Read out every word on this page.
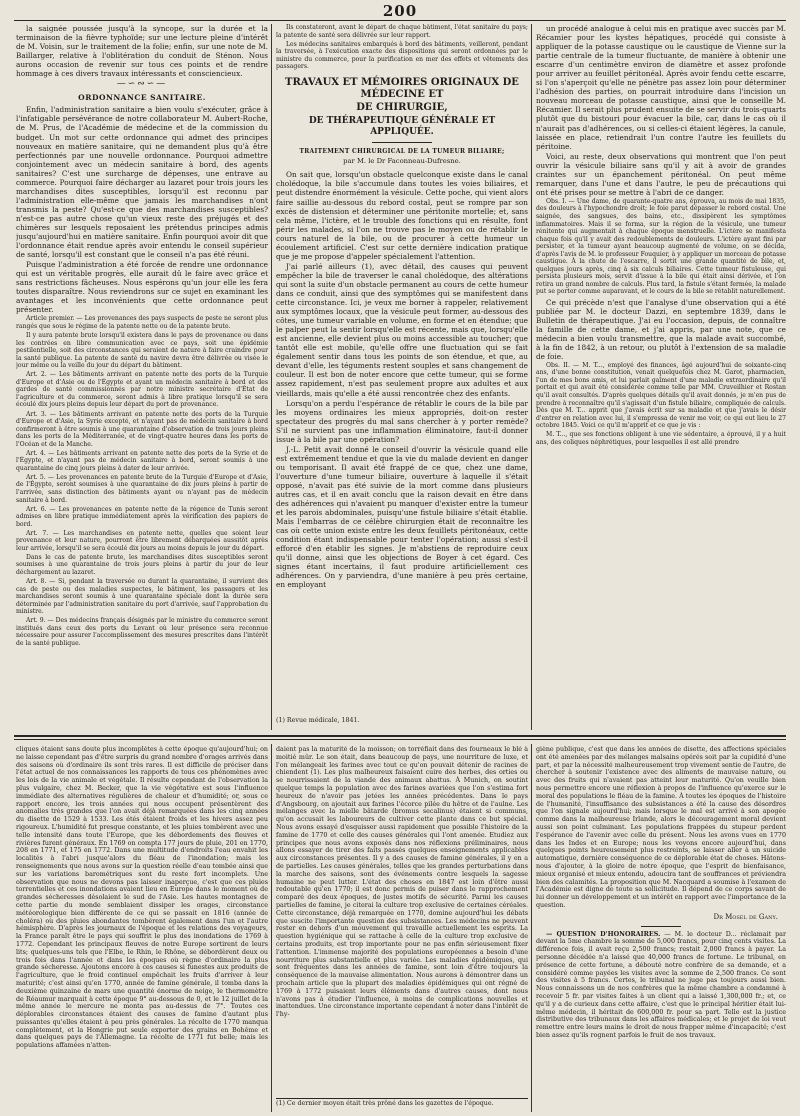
200

la saignée poussée jusqu'à la syncope, sur la durée et la terminaison de la fièvre typhoïde; sur une lecture pleine d'intérêt de M. Voisin, sur le traitement de la folie; enfin, sur une note de M. Baillarger, relative à l'oblitération du conduit de Sténon. Nous aurons occasion de revenir sur tous ces points et de rendre hommage à ces divers travaux intéressants et consciencieux.

—∽∾∽—
ORDONNANCE SANITAIRE.

Enfin, l'administration sanitaire a bien voulu s'exécuter, grâce à l'infatigable persévérance de notre collaborateur M. Aubert-Roche, de M. Prus, de l'Académie de médecine et de la commission du budget. Un mot sur cette ordonnance qui admet des principes nouveaux en matière sanitaire, qui ne demandent plus qu'à être perfectionnés par une nouvelle ordonnance. Pourquoi admettre conjointement avec un médecin sanitaire à bord, des agents sanitaires? C'est une surcharge de dépenses, une entrave au commerce. Pourquoi faire décharger au lazaret pour trois jours les marchandises dites susceptibles, lorsqu'il est reconnu par l'administration elle-même que jamais les marchandises n'ont transmis la peste? Qu'est-ce que des marchandises susceptibles? n'est-ce pas autre chose qu'un vieux reste des préjugés et des chimères sur lesquels reposaient les prétendus principes admis jusqu'aujourd'hui en matière sanitaire. Enfin pourquoi avoir dit que l'ordonnance était rendue après avoir entendu le conseil supérieur de santé, lorsqu'il est constant que le conseil n'a pas été réuni.

Puisque l'administration a été forcée de rendre une ordonnance qui est un véritable progrès, elle aurait dû le faire avec grâce et sans restrictions fâcheuses. Nous espérons qu'un jour elle les fera toutes disparaître. Nous reviendrons sur ce sujet en examinant les avantages et les inconvénients que cette ordonnance peut présenter.

Article premier. — Les provenances des pays suspects de peste ne seront plus rangés que sous le régime de la patente nette ou de la patente brute.

Il y aura patente brute lorsqu'il existera dans le pays de provenance ou dans les contrées en libre communication avec ce pays, soit une épidémie pestilentielle, soit des circonstances qui seraient de nature à faire craindre pour la santé publique. La patente de santé du navire devra être délivrée ou visée le jour même ou la veille du jour du départ du bâtiment.

Art. 2. — Les bâtiments arrivant en patente nette des ports de la Turquie d'Europe et d'Asie ou de l'Égypte et ayant un médecin sanitaire à bord et des gardes de santé commissionnés par notre ministre secrétaire d'État de l'agriculture et du commerce, seront admis à libre pratique lorsqu'il se sera écoulé dix jours pleins depuis leur départ du port de provenance.

Art. 3. — Les bâtiments arrivant en patente nette des ports de la Turquie d'Europe et d'Asie, la Syrie excepté, et n'ayant pas de médecin sanitaire à bord confirmeront à être soumis à une quarantaine d'observation de trois jours pleins dans les ports de la Méditerranée, et de vingt-quatre heures dans les ports de l'Océan et de la Manche.

Art. 4. — Les bâtiments arrivant en patente nette des ports de la Syrie et de l'Égypte, et n'ayant pas de médecin sanitaire à bord, seront soumis à une quarantaine de cinq jours pleins à dater de leur arrivée.

Art. 5. — Les provenances en patente brute de la Turquie d'Europe et d'Asie, de l'Égypte, seront soumises à une quarantaine de dix jours pleins à partir de l'arrivée, sans distinction des bâtiments ayant ou n'ayant pas de médecin sanitaire à bord.

Art. 6. — Les provenances en patente nette de la régence de Tunis seront admises en libre pratique immédiatement après la vérification des papiers de bord.

Art. 7. — Les marchandises en patente nette, quelles que soient leur provenance et leur nature, pourront être librement débarquées aussitôt après leur arrivée, lorsqu'il se sera écoulé dix jours au moins depuis le jour du départ.

Dans le cas de patente brute, les marchandises dites susceptibles seront soumises à une quarantaine de trois jours pleins à partir du jour de leur déchargement au lazaret.

Art. 8. — Si, pendant la traversée ou durant la quarantaine, il survient des cas de peste ou des maladies suspectes, le bâtiment, les passagers et les marchandises seront soumis à une quarantaine spéciale dont la durée sera déterminée par l'administration sanitaire du port d'arrivée, sauf l'approbation du ministre.

Art. 9. — Des médecins français désignés par le ministre du commerce seront institués dans ceux des ports du Levant où leur présence sera reconnue nécessaire pour assurer l'accomplissement des mesures prescrites dans l'intérêt de la santé publique.

Ils constateront, avant le départ de chaque bâtiment, l'état sanitaire du pays; la patente de santé sera délivrée sur leur rapport.

Les médecins sanitaires embarqués à bord des bâtiments, veilleront, pendant la traversée, à l'exécution exacte des dispositions qui seront ordonnées par le ministre du commerce, pour la purification en mer des effets et vêtements des passagers.

TRAVAUX ET MÉMOIRES ORIGINAUX DE MÉDECINE ET
DE CHIRURGIE,
DE THÉRAPEUTIQUE GÉNÉRALE ET APPLIQUÉE.
TRAITEMENT CHIRURGICAL DE LA TUMEUR BILIAIRE;
par M. le Dr Faconneau-Dufresne.

On sait que, lorsqu'un obstacle quelconque existe dans le canal cholédoque, la bile s'accumule dans toutes les voies biliaires, et peut distendre énormément la vésicule. Cette poche, qui vient alors faire saillie au-dessous du rebord costal, peut se rompre par son excès de distension et déterminer une péritonite mortelle; et, sans cela même, l'ictère, et le trouble des fonctions qui en résulte, font périr les malades, si l'on ne trouve pas le moyen ou de rétablir le cours naturel de la bile, ou de procurer à cette humeur un écoulement artificiel. C'est sur cette dernière indication pratique que je me propose d'appeler spécialement l'attention.

J'ai parlé ailleurs (1), avec détail, des causes qui peuvent empêcher la bile de traverser le canal cholédoque, des altérations qui sont la suite d'un obstacle permanent au cours de cette humeur dans ce conduit, ainsi que des symptômes qui se manifestent dans cette circonstance. Ici, je veux me borner à rappeler, relativement aux symptômes locaux, que la vésicule peut former, au-dessous des côtes, une tumeur variable en volume, en forme et en étendue; que le palper peut la sentir lorsqu'elle est récente, mais que, lorsqu'elle est ancienne, elle devient plus ou moins accessible au toucher; que tantôt elle est mobile, qu'elle offre une fluctuation qui se fait également sentir dans tous les points de son étendue, et que, au devant d'elle, les téguments restent souples et sans changement de couleur. Il est bon de noter encore que cette tumeur, qui se forme assez rapidement, n'est pas seulement propre aux adultes et aux vieillards, mais qu'elle a été aussi rencontrée chez des enfants.

Lorsqu'on a perdu l'espérance de rétablir le cours de la bile par les moyens ordinaires les mieux appropriés, doit-on rester spectateur des progrès du mal sans chercher à y porter remède? S'il ne survient pas une inflammation éliminatoire, faut-il donner issue à la bile par une opération?

J.-L. Petit avait donné le conseil d'ouvrir la vésicule quand elle est extrêmement tendue et que la vie du malade devient en danger ou temporisant. Il avait été frappé de ce que, chez une dame, l'ouverture d'une tumeur biliaire, ouverture à laquelle il s'était opposé, n'avait pas été suivie de la mort comme dans plusieurs autres cas, et il en avait conclu que la raison devait en être dans des adhérences qui n'avaient pu manquer d'exister entre la tumeur et les parois abdominales, puisqu'une fistule biliaire s'était établie. Mais l'embarras de ce célèbre chirurgien était de reconnaître les cas où cette union existe entre les deux feuillets péritonéaux, cette condition étant indispensable pour tenter l'opération; aussi s'est-il efforcé d'en établir les signes. Je m'abstiens de reproduire ceux qu'il donne, ainsi que les objections de Boyer à cet égard. Ces signes étant incertains, il faut produire artificiellement ces adhérences. On y parviendra, d'une manière à peu près certaine, en employant

(1) Revue médicale, 1841.

un procédé analogue à celui mis en pratique avec succès par M. Récamier pour les kystes hépatiques, procédé qui consiste à appliquer de la potasse caustique ou le caustique de Vienne sur la partie centrale de la tumeur fluctuante, de manière à obtenir une escarre d'un centimètre environ de diamètre et assez profonde pour arriver au feuillet péritonéal. Après avoir fendu cette escarre, si l'on s'aperçoit qu'elle ne pénètre pas assez loin pour déterminer l'adhésion des parties, on pourrait introduire dans l'incision un nouveau morceau de potasse caustique, ainsi que le conseille M. Récamier. Il serait plus prudent ensuite de se servir du trois-quarts plutôt que du bistouri pour évacuer la bile, car, dans le cas où il n'aurait pas d'adhérences, ou si celles-ci étaient légères, la canule, laissée en place, retiendrait l'un contre l'autre les feuillets du péritoine.

Voici, au reste, deux observations qui montrent que l'on peut ouvrir la vésicule biliaire sans qu'il y ait à avoir de grandes craintes sur un épanchement péritonéal. On peut même remarquer, dans l'une et dans l'autre, le peu de précautions qui ont été prises pour se mettre à l'abri de ce danger.

Obs. I. — Une dame, de quarante-quatre ans, éprouva, au mois de mai 1835, des douleurs à l'hypochondre droit; le foie parut dépasser le rebord costal. Une saignée, des sangsues, des bains, etc., dissipèrent les symptômes inflammatoires. Mais il se forma, sur la région de la vésicule, une tumeur rénitente qui augmentait à chaque époque menstruelle. L'ictère se manifesta chaque fois qu'il y avait des redoublements de douleurs. L'ictère ayant fini par persister, et la tumeur ayant beaucoup augmenté de volume, on se décida, d'après l'avis de M. le professeur Fouquier, à y appliquer un morceau de potasse caustique. À la chute de l'escarre, il sortit une grande quantité de bile, et, quelques jours après, cinq à six calculs biliaires. Cette tumeur fistuleuse, qui persista plusieurs mois, servit d'issue à la bile qui était ainsi dérivée, et l'on retira un grand nombre de calculs. Plus tard, la fistule s'étant fermée, la malade put se porter comme auparavant, et le cours de la bile se rétablit naturellement.

Ce qui précède n'est que l'analyse d'une observation qui a été publiée par M. le docteur Dazzi, en septembre 1839, dans le Bulletin de thérapeutique. J'ai eu l'occasion, depuis, de connaître la famille de cette dame, et j'ai appris, par une note, que ce médecin a bien voulu transmettre, que la malade avait succombé, à la fin de 1842, à un retour, ou plutôt à l'extension de sa maladie de foie.

Obs. II. — M. T..., employé des finances, âgé aujourd'hui de soixante-cinq ans, d'une bonne constitution, venait quelquefois chez M. Garot, pharmacien, l'un de mes bons amis, et lui parlait gaîment d'une maladie extraordinaire qu'il portait et qui avait été considérée comme telle par MM. Cruveilhier et Rostan qu'il avait consultés. D'après quelques détails qu'il avait donnés, je m'en pus de prendre à reconnaître qu'il s'agissait d'un fistule biliaire, compliquée de calculs. Dès que M. T... apprit que j'avais écrit sur sa maladie et que j'avais le désir d'entrer en relation avec lui, il s'empressa de venir me voir, ce qui eut lieu le 27 octobre 1845. Voici ce qu'il m'apprit et ce que je vis :

M. T..., que ses fonctions obligent à une vie sédentaire, a éprouvé, il y a huit ans, des coliques néphrétiques, pour lesquelles il est allé prendre

cliques étaient sans doute plus incomplètes à cette époque qu'aujourd'hui; on ne laisse cependant pas d'être surpris du grand nombre d'orages arrivés dans des saisons où d'ordinaire ils sont très rares. Il est difficile de préciser dans l'état actuel de nos connaissances les rapports de tous ces phénomènes avec les lois de la vie animale et végétale. Il résulte cependant de l'observation la plus vulgaire, chez M. Becker, que la vie végétative est sous l'influence immédiate des alternatives régulières de chaleur et d'humidité; or, sous ce rapport encore, les trois années qui nous occupent présentèrent des anomalies très grandes que l'on avait déjà remarquées dans les cinq années du disette de 1529 à 1533. Les étés étaient froids et les hivers assez peu rigoureux. L'humidité fut presque constante, et les pluies tombèrent avec une telle intensité dans toute l'Europe, que les débordements des fleuves et rivières furent généraux. En 1769 on compta 177 jours de pluie, 201 en 1770, 208 en 1771, et 175 en 1772. Dans une multitude d'endroits l'eau envahit les localités à l'abri jusque'alors du fléau de l'inondation; mais les renseignements que nous avons sur la question réelle d'eau tombée ainsi que sur les variations barométriques sont du reste fort incomplets. Une observation que nous ne devons pas laisser inaperçue, c'est que ces pluies torrentielles et ces inondations avaient lieu en Europe dans le moment où de grandes sécheresses désolaient le sud de l'Asie. Les hautes montagnes de cette partie du monde semblaient dissiper les orages, circonstance météorologique bien différente de ce qui se passait en 1816 (année de choléra) où des pluies abondantes tombèrent également dans l'un et l'autre hémisphère. D'après les journaux de l'époque et les relations des voyageurs, la France paraît être le pays qui souffrit le plus des inondations de 1769 à 1772. Cependant les principaux fleuves de notre Europe sortirent de leurs lits; quelques-uns tels que l'Elbe, le Rhin, le Rhône, se débordèrent deux ou trois fois dans l'année et dans les époques où règne d'ordinaire la plus grande sécheresse. Ajoutons encore à ces causes si funestes aux produits de l'agriculture, que le froid continuel empêchait les fruits d'arriver à leur maturité; c'est ainsi qu'en 1770, année de famine générale, il tomba dans la deuxième quinzaine de mars une quantité énorme de neige, le thermomètre de Réaumur marquait à cette époque 9° au-dessous de 0, et le 12 juillet de la même année le mercure ne monta pas au-dessus de 7°. Toutes ces déplorables circonstances étaient des causes de famine d'autant plus puissantes qu'elles étaient à peu près générales. La récolte de 1770 manqua complètement, et la Hongrie put seule exporter des grains en Bohême et dans quelques pays de l'Allemagne. La récolte de 1771 fut belle; mais les populations affamées n'atten-

daient pas la maturité de la moisson; on torréfiait dans des fourneaux le blé à moitié mûr. Le son était, dans beaucoup de pays, une nourriture de luxe, et l'on mélangeait les farines avec tout ce qu'on pouvait détenir de racines de chiendent (1). Les plus malheureux faisaient cuire des herbes, des orties ou se nourrissaient de la viande des animaux abattus. À Munich, on soutint quelque temps la population avec des farines avariées que l'on s'estima fort heureux de n'avoir pas jetées les années précédentes. Dans le pays d'Angsbourg, on ajoutait aux farines l'écorce pilée du hêtre et de l'aulne. Les mélanges avec la mielle bâtarde (bromus secalinus) étaient si communs, qu'on accusait les laboureurs de cultiver cette plante dans ce but spécial. Nous avons essayé d'esquisser aussi rapidement que possible l'histoire de la famine de 1770 et celle des causes générales qui l'ont amenée. Etudiez aux principes que nous avons exposés dans nos réflexions préliminaires, nous allons essayer de tirer des faits passés quelques enseignements applicables aux circonstances présentes. Il y a des causes de famine générales, il y en a de partielles. Les causes générales, telles que les grandes perturbations dans la marche des saisons, sont des événements contre lesquels la sagesse humaine ne peut lutter. L'état des choses en 1847 est loin d'être aussi redoutable qu'en 1770; il est donc permis de puiser dans le rapprochement comparé des deux époques, de justes motifs de sécurité. Parmi les causes partielles de famine, je citerai la culture trop exclusive de certaines céréales. Cette circonstance, déjà remarquée en 1770, domine aujourd'hui les débats que suscite l'importante question des subsistances. Les médecins ne peuvent rester en dehors d'un mouvement qui travaille actuellement les esprits. La question hygiénique qui se rattache à celle de la culture trop exclusive de certains produits, est trop importante pour ne pas enfin sérieusement fixer l'attention. L'immense majorité des populations européennes a besoin d'une nourriture plus substantielle et plus variée. Les maladies épidémiques, qui sont fréquentes dans les années de famine, sont loin d'être toujours la conséquence de la mauvaise alimentation. Nous aurons à démontrer dans un prochain article que la plupart des maladies épidémiques qui ont régné de 1769 à 1772 puisaient leurs éléments dans d'autres causes, dont nous n'avons pas à étudier l'influence, à moins de complications nouvelles et inattendues. Une circonstance importante cependant à noter dans l'intérêt de l'hy-

(1) Ce dernier moyen était très prôné dans les gazettes de l'époque.

giène publique, c'est que dans les années de disette, des affections spéciales ont été amenées par des mélanges malsains opérés soit par la cupidité d'une part, et par la nécessité malheureusement trop vivement sentie de l'autre, de chercher à soutenir l'existence avec des aliments de mauvaise nature, ou avec des fruits qui n'avaient pas atteint leur maturité. Qu'on veuille bien nous permettre encore une réflexion à propos de l'influence qu'exerce sur le moral des populations le fléau de la famine. À toutes les époques de l'histoire de l'humanité, l'insuffisance des subsistances a été la cause des désordres que l'on signale aujourd'hui; mais lorsque le mal est arrivé à son apogée comme dans la malheureuse Irlande, alors le découragement moral devient aussi son point culminant. Les populations frappées du stupeur perdent l'espérance de l'avenir avec celle du présent. Nous les avons vues en 1770 dans les Indes et en Europe; nous les voyons encore aujourd'hui, dans quelques points heureusement plus restreints, se laisser aller à un suicide automatique, dernière conséquence de ce déplorable état de choses. Hâtons-nous d'ajouter, à la gloire de notre époque, que l'esprit de bienfaisance, mieux organisé et mieux entendu, adoucira tant de souffrances et préviendra bien des calamités. La proposition que M. Nacquard a soumise à l'examen de l'Académie est digne de toute sa sollicitude. Il dépend de ce corps savant de lui donner un développement et un intérêt en rapport avec l'importance de la question.

Dr Mosel de Gany.

— QUESTION D'HONORAIRES. — M. le docteur D... réclamait par devant la 5me chambre la somme de 5,000 francs, pour cinq cents visites. La différence fois, il avait reçu 2,500 francs; restait 2,000 francs à payer. La personne décédée n'a laissé que 40,000 francs de fortune. Le tribunal, en présence de cette fortune, a débouté notre confrère de sa demande, et a considéré comme payées les visites avec la somme de 2,500 francs. Ce sont des visites à 5 francs. Certes, le tribunal ne juge pas toujours aussi bien. Nous connaissons un de nos confrères que la même chambre a condamné à recevoir 5 fr. par visites faites à un client qui a laissé 1,300,000 fr.; et, ce qu'il y a de curieux dans cette affaire, c'est que le principal héritier était lui-même médecin, il héritait de 600,000 fr. pour sa part. Telle est la justice distributive des tribunaux dans les affaires médicales; et le projet de loi veut remettre entre leurs mains le droit de nous frapper même d'incapacité; c'est bien assez qu'ils rognent parfois le fruit de nos travaux.
